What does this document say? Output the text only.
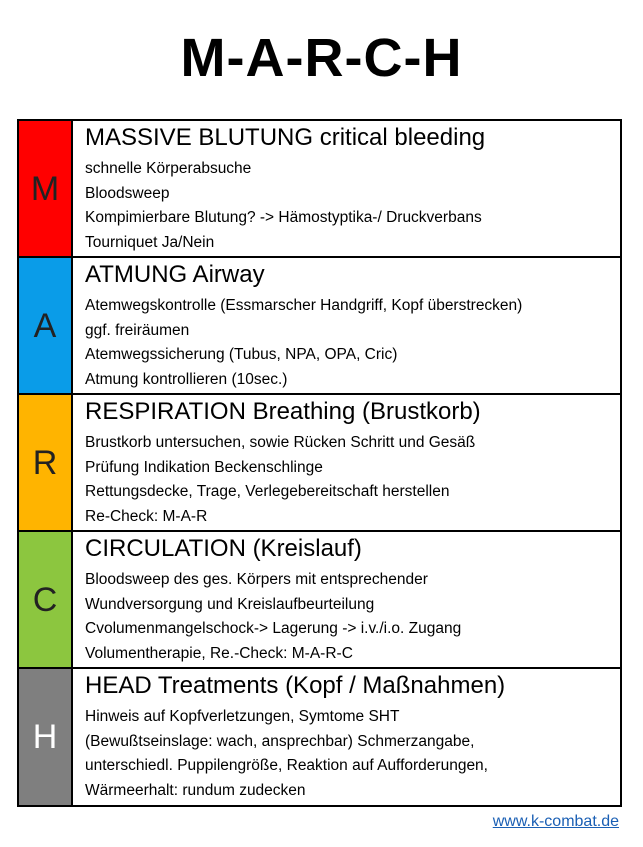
M-A-R-C-H
M
MASSIVE BLUTUNG critical bleeding
schnelle Körperabsuche
Bloodsweep
Kompimierbare Blutung? -> Hämostyptika-/ Druckverbans
Tourniquet Ja/Nein
A
ATMUNG Airway
Atemwegskontrolle (Essmarscher Handgriff, Kopf überstrecken)
ggf. freiräumen
Atemwegssicherung (Tubus, NPA, OPA, Cric)
Atmung kontrollieren (10sec.)
R
RESPIRATION Breathing (Brustkorb)
Brustkorb untersuchen, sowie Rücken Schritt und Gesäß
Prüfung Indikation Beckenschlinge
Rettungsdecke, Trage, Verlegebereitschaft herstellen
Re-Check: M-A-R
C
CIRCULATION (Kreislauf)
Bloodsweep des ges. Körpers mit entsprechender
Wundversorgung und Kreislaufbeurteilung
Cvolumenmangelschock-> Lagerung -> i.v./i.o. Zugang
Volumentherapie, Re.-Check: M-A-R-C
H
HEAD Treatments (Kopf / Maßnahmen)
Hinweis auf Kopfverletzungen, Symtome SHT
(Bewußtseinslage: wach, ansprechbar) Schmerzangabe,
unterschiedl. Puppilengröße, Reaktion auf Aufforderungen,
Wärmeerhalt: rundum zudecken
www.k-combat.de
